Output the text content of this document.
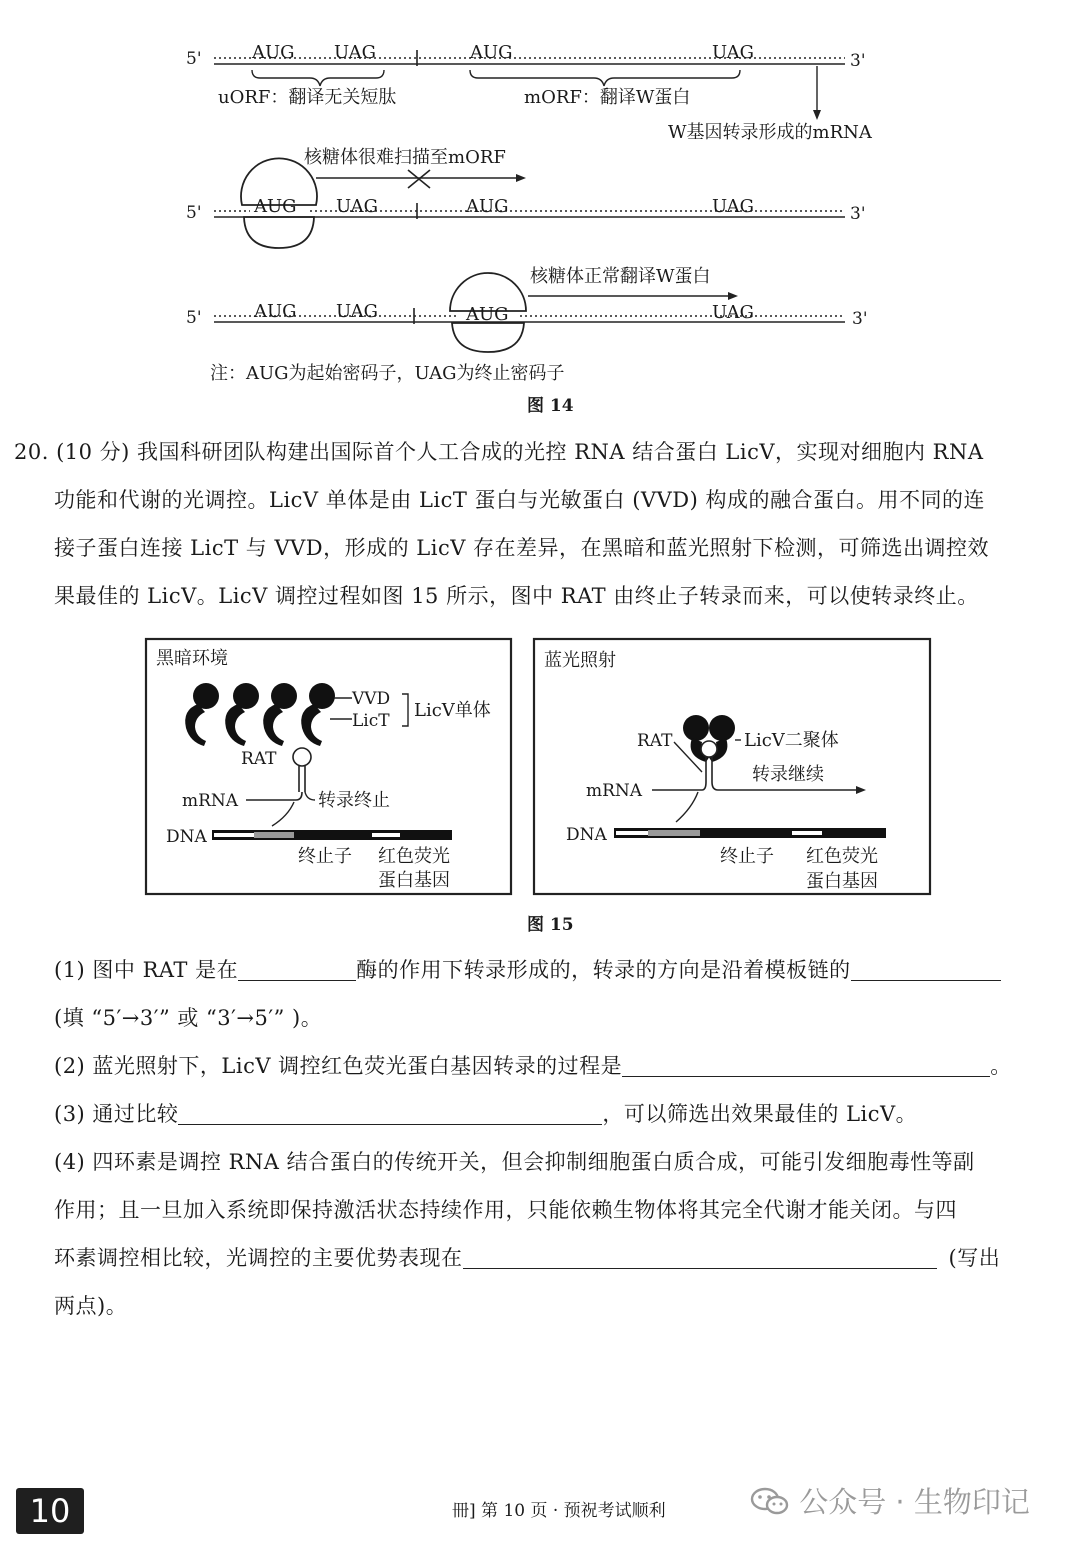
5'	AUG UAG	AUG	UAG	3'
uORF：翻译无关短肽	mORF：翻译W蛋白
W基因转录形成的mRNA
核糖体很难扫描至mORF
5'	AUG UAG	AUG	UAG	3'
核糖体正常翻译W蛋白
5'	AUG UAG	AUG	UAG	3'
注：AUG为起始密码子，UAG为终止密码子
图 14

20. (10 分) 我国科研团队构建出国际首个人工合成的光控 RNA 结合蛋白 LicV，实现对细胞内 RNA

功能和代谢的光调控。LicV 单体是由 LicT 蛋白与光敏蛋白 (VVD) 构成的融合蛋白。用不同的连

接子蛋白连接 LicT 与 VVD，形成的 LicV 存在差异，在黑暗和蓝光照射下检测，可筛选出调控效

果最佳的 LicV。LicV 调控过程如图 15 所示，图中 RAT 由终止子转录而来，可以使转录终止。

黑暗环境
VVD
LicT LicV单体
RAT
mRNA	转录终止
DNA
终止子 红色荧光
蛋白基因
蓝光照射
RAT	LicV二聚体
mRNA
转录继续
DNA
终止子 红色荧光
蛋白基因
图 15

(1) 图中 RAT 是在	酶的作用下转录形成的，转录的方向是沿着模板链的

(填 “5′→3′” 或 “3′→5′” )。

(2) 蓝光照射下，LicV 调控红色荧光蛋白基因转录的过程是	。

(3) 通过比较	，可以筛选出效果最佳的 LicV。

(4) 四环素是调控 RNA 结合蛋白的传统开关，但会抑制细胞蛋白质合成，可能引发细胞毒性等副

作用；且一旦加入系统即保持激活状态持续作用，只能依赖生物体将其完全代谢才能关闭。与四

环素调控相比较，光调控的主要优势表现在	(写出

两点)。

10	冊] 第 10 页 · 预祝考试顺利	公众号 · 生物印记
